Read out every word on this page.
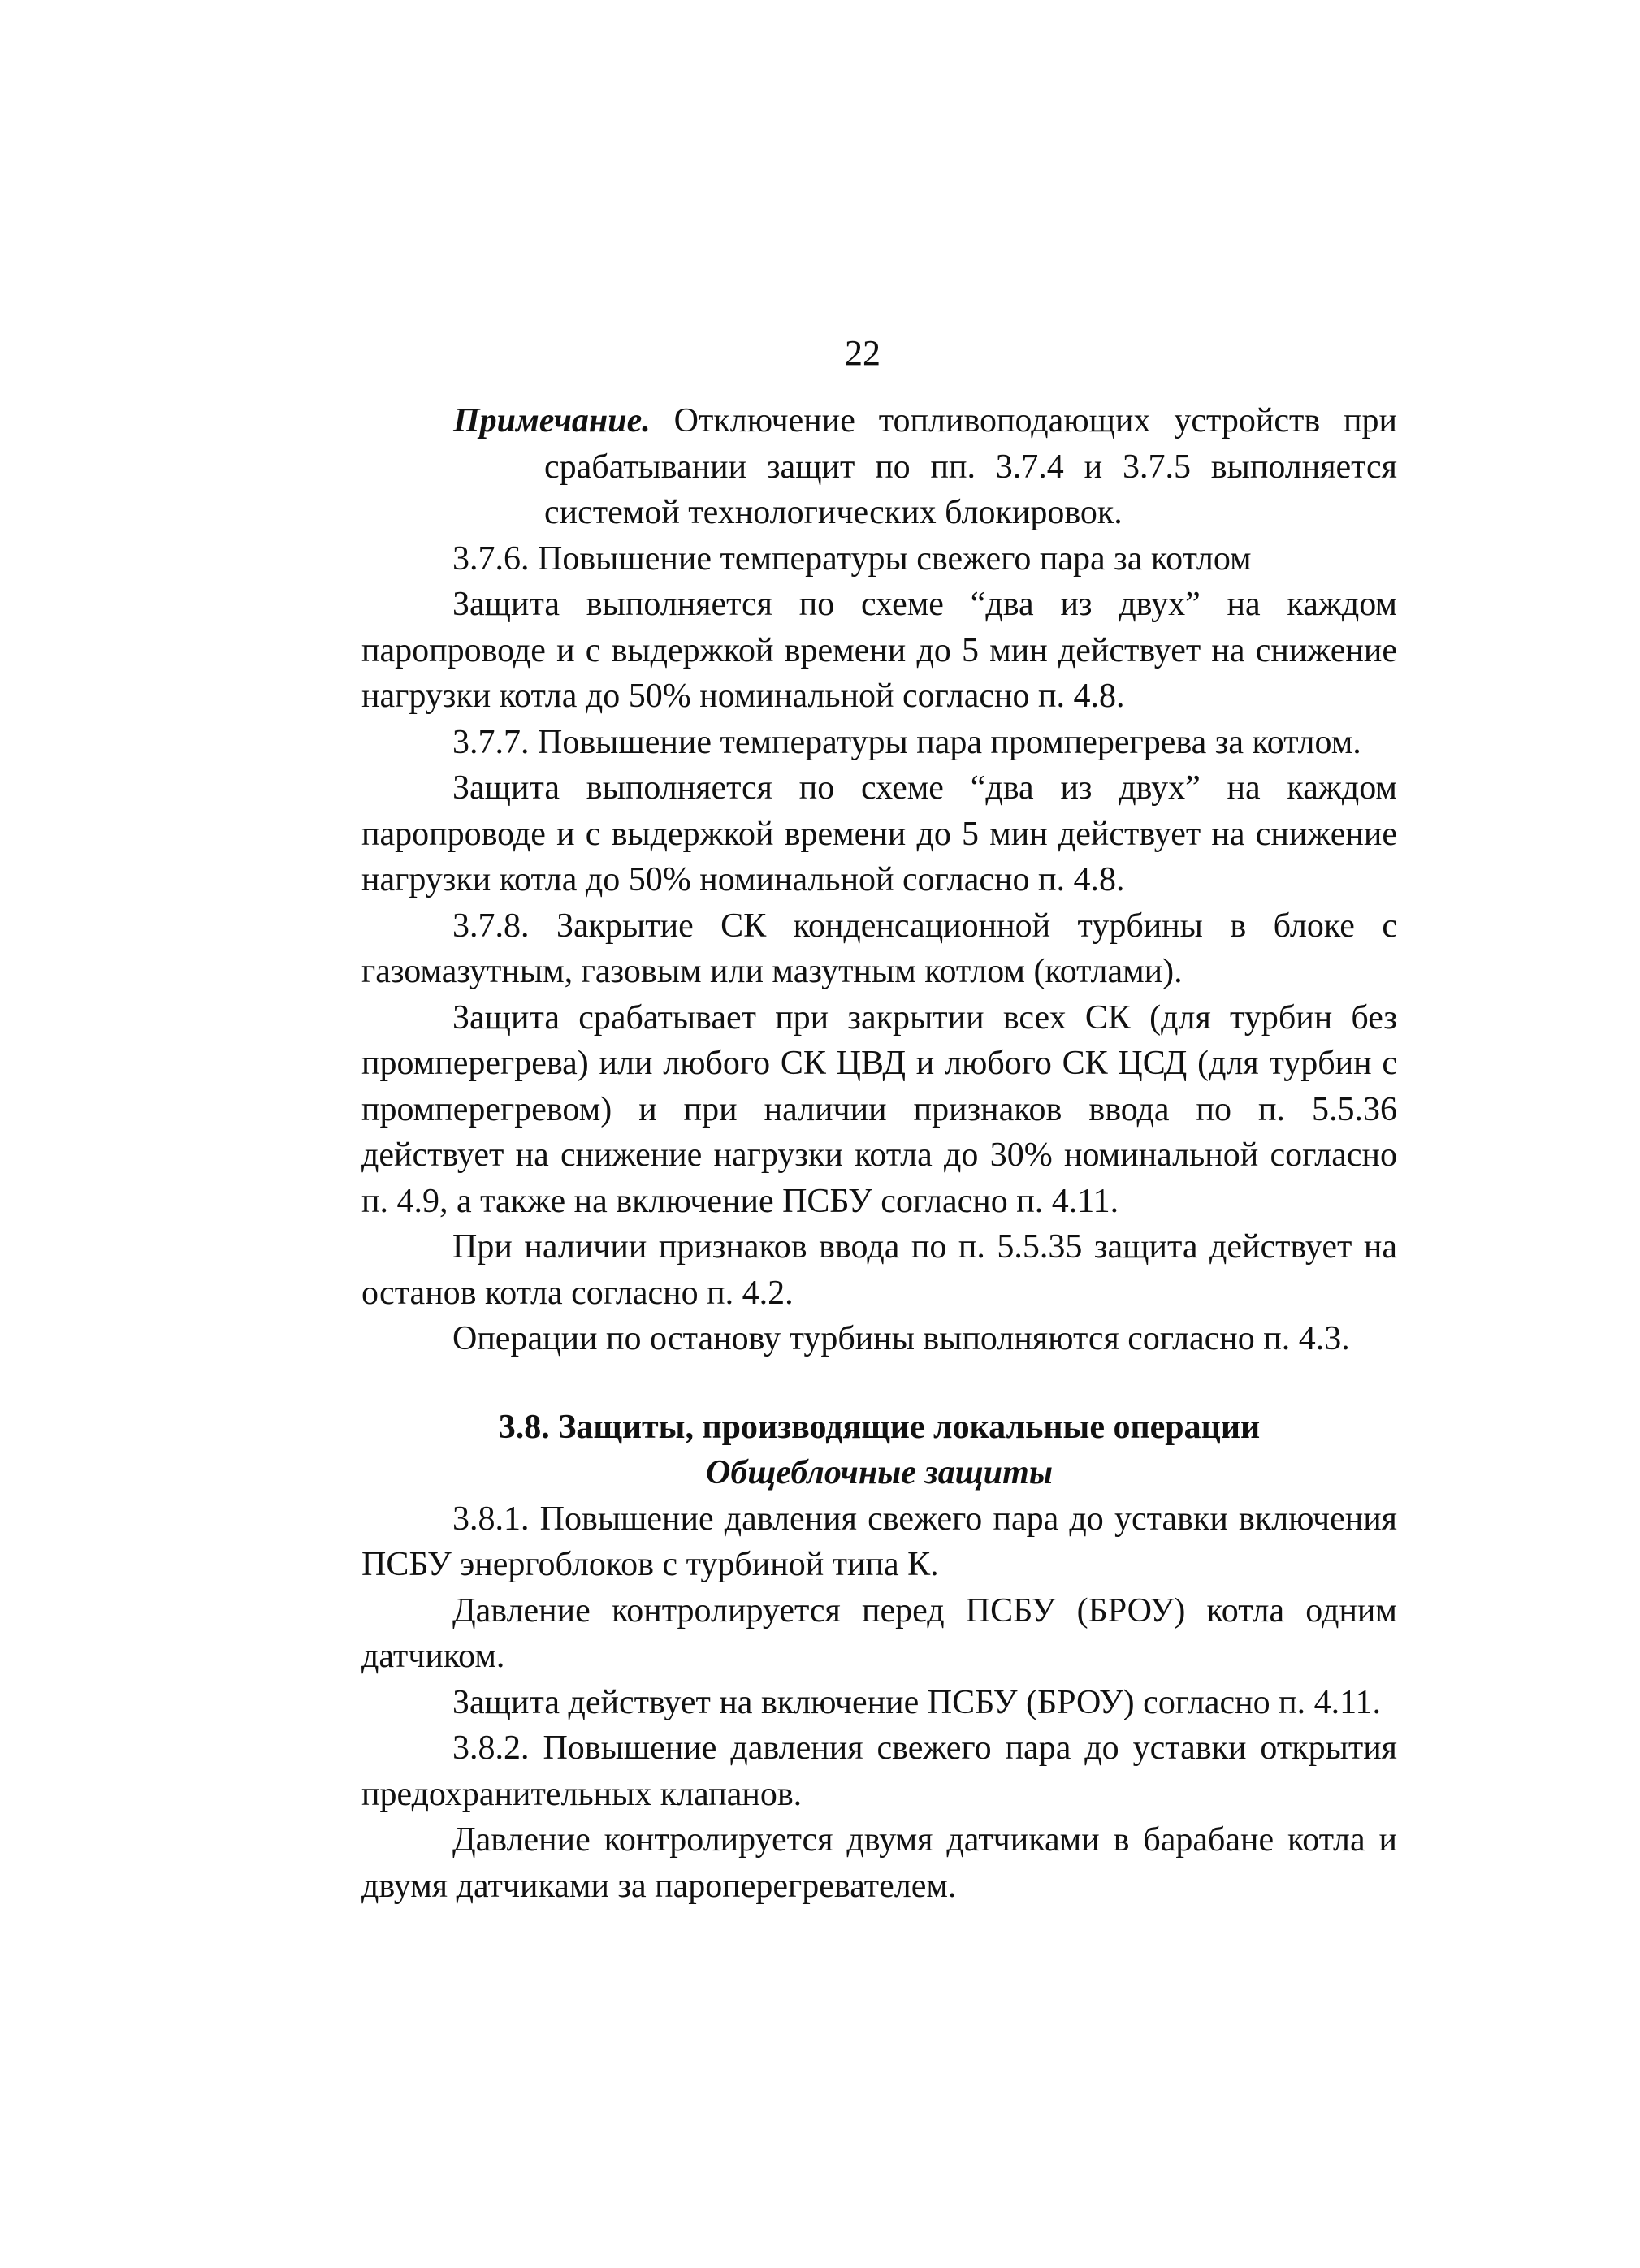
22

Примечание. Отключение топливоподающих устройств при срабатывании защит по пп. 3.7.4 и 3.7.5 выполняется системой технологических блокировок.

3.7.6. Повышение температуры свежего пара за котлом

Защита выполняется по схеме “два из двух” на каждом паропроводе и с выдержкой времени до 5 мин действует на снижение нагрузки котла до 50% номинальной согласно п. 4.8.

3.7.7. Повышение температуры пара промперегрева за котлом.

Защита выполняется по схеме “два из двух” на каждом паропроводе и с выдержкой времени до 5 мин действует на снижение нагрузки котла до 50% номинальной согласно п. 4.8.

3.7.8. Закрытие СК конденсационной турбины в блоке с газомазутным, газовым или мазутным котлом (котлами).

Защита срабатывает при закрытии всех СК (для турбин без промперегрева) или любого СК ЦВД и любого СК ЦСД (для турбин с промперегревом) и при наличии признаков ввода по п. 5.5.36 действует на снижение нагрузки котла до 30% номинальной согласно п. 4.9, а также на включение ПСБУ согласно п. 4.11.

При наличии признаков ввода по п. 5.5.35 защита действует на останов котла согласно п. 4.2.

Операции по останову турбины выполняются согласно п. 4.3.

3.8. Защиты, производящие локальные операции

Общеблочные защиты

3.8.1. Повышение давления свежего пара до уставки включения ПСБУ энергоблоков с турбиной типа К.

Давление контролируется перед ПСБУ (БРОУ) котла одним датчиком.

Защита действует на включение ПСБУ (БРОУ) согласно п. 4.11.

3.8.2. Повышение давления свежего пара до уставки открытия предохранительных клапанов.

Давление контролируется двумя датчиками в барабане котла и двумя датчиками за пароперегревателем.
